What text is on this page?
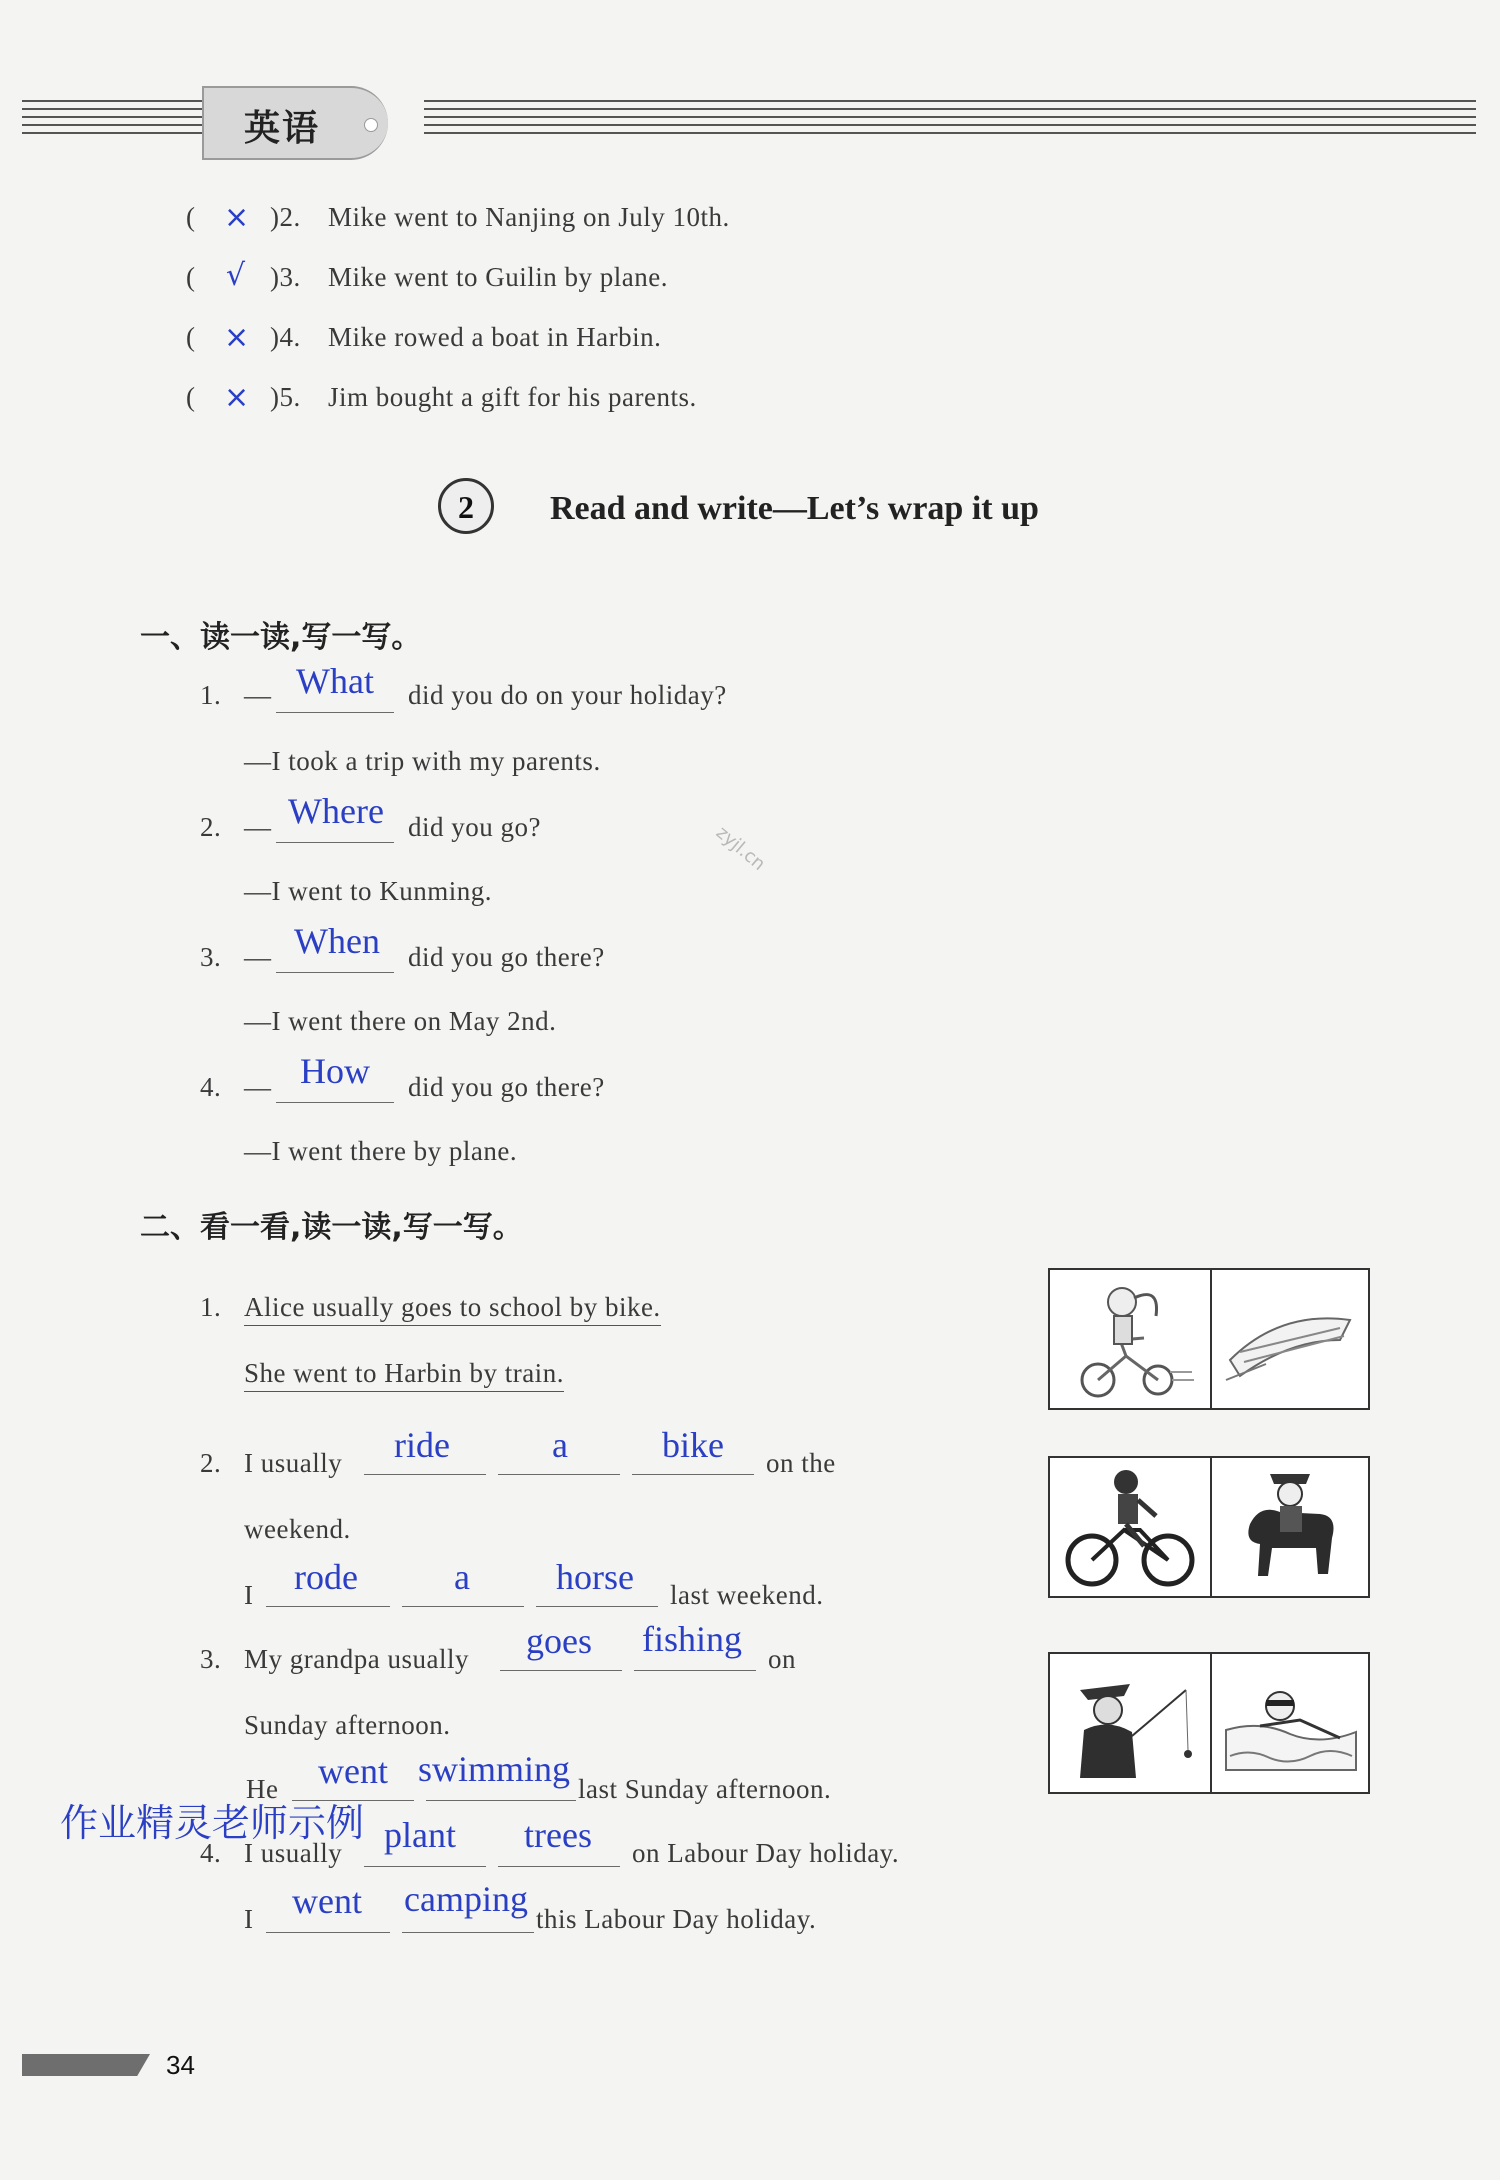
英语
( × )2. Mike went to Nanjing on July 10th.
( √ )3. Mike went to Guilin by plane.
( × )4. Mike rowed a boat in Harbin.
( × )5. Jim bought a gift for his parents.
2	Read and write—Let’s wrap it up
一、读一读,写一写。
1. — What did you do on your holiday?
—I took a trip with my parents.
2. — Where did you go?
—I went to Kunming.
3. — When did you go there?
—I went there on May 2nd.
4. — How did you go there?
—I went there by plane.
zyjl.cn
二、看一看,读一读,写一写。
1. Alice usually goes to school by bike.
She went to Harbin by train.
2. I usually ride	a	bike on the
weekend.
I rode	a horse last weekend.
3. My grandpa usually goes fishing on
Sunday afternoon.
He went swimming last Sunday afternoon.
4. I usually plant trees on Labour Day holiday.
I went camping this Labour Day holiday.
作业精灵老师示例
34
